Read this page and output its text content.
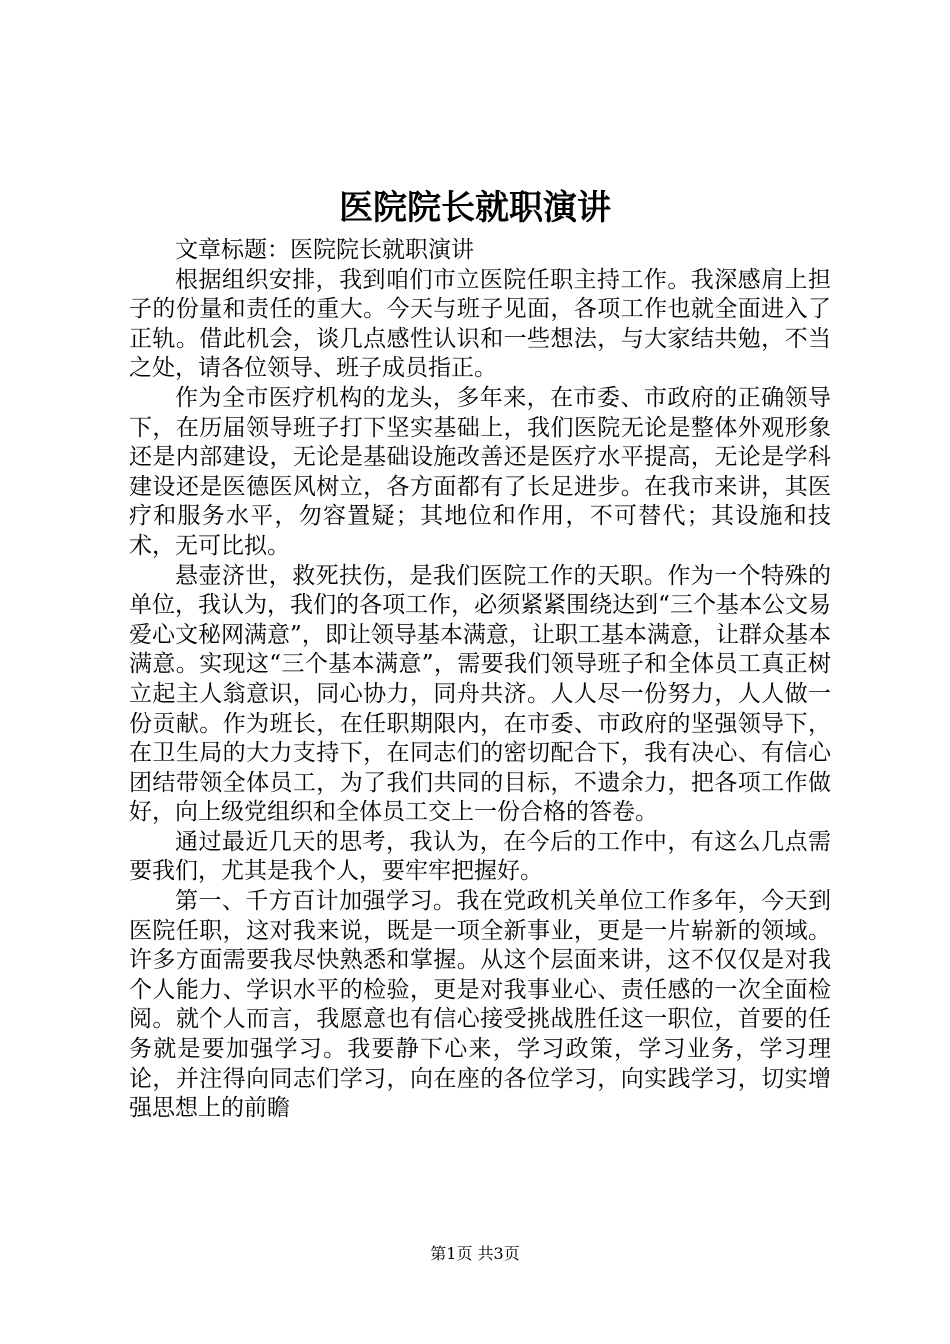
医院院长就职演讲

文章标题：医院院长就职演讲

根据组织安排，我到咱们市立医院任职主持工作。我深感肩上担子的份量和责任的重大。今天与班子见面，各项工作也就全面进入了正轨。借此机会，谈几点感性认识和一些想法，与大家结共勉，不当之处，请各位领导、班子成员指正。

作为全市医疗机构的龙头，多年来，在市委、市政府的正确领导下，在历届领导班子打下坚实基础上，我们医院无论是整体外观形象还是内部建设，无论是基础设施改善还是医疗水平提高，无论是学科建设还是医德医风树立，各方面都有了长足进步。在我市来讲，其医疗和服务水平，勿容置疑；其地位和作用，不可替代；其设施和技术，无可比拟。

悬壶济世，救死扶伤，是我们医院工作的天职。作为一个特殊的单位，我认为，我们的各项工作，必须紧紧围绕达到“三个基本公文易爱心文秘网满意”，即让领导基本满意，让职工基本满意，让群众基本满意。实现这“三个基本满意”，需要我们领导班子和全体员工真正树立起主人翁意识，同心协力，同舟共济。人人尽一份努力，人人做一份贡献。作为班长，在任职期限内，在市委、市政府的坚强领导下，在卫生局的大力支持下，在同志们的密切配合下，我有决心、有信心团结带领全体员工，为了我们共同的目标，不遗余力，把各项工作做好，向上级党组织和全体员工交上一份合格的答卷。

通过最近几天的思考，我认为，在今后的工作中，有这么几点需要我们，尤其是我个人，要牢牢把握好。

第一、千方百计加强学习。我在党政机关单位工作多年，今天到医院任职，这对我来说，既是一项全新事业，更是一片崭新的领域。许多方面需要我尽快熟悉和掌握。从这个层面来讲，这不仅仅是对我个人能力、学识水平的检验，更是对我事业心、责任感的一次全面检阅。就个人而言，我愿意也有信心接受挑战胜任这一职位，首要的任务就是要加强学习。我要静下心来，学习政策，学习业务，学习理论，并注得向同志们学习，向在座的各位学习，向实践学习，切实增强思想上的前瞻

第1页 共3页
